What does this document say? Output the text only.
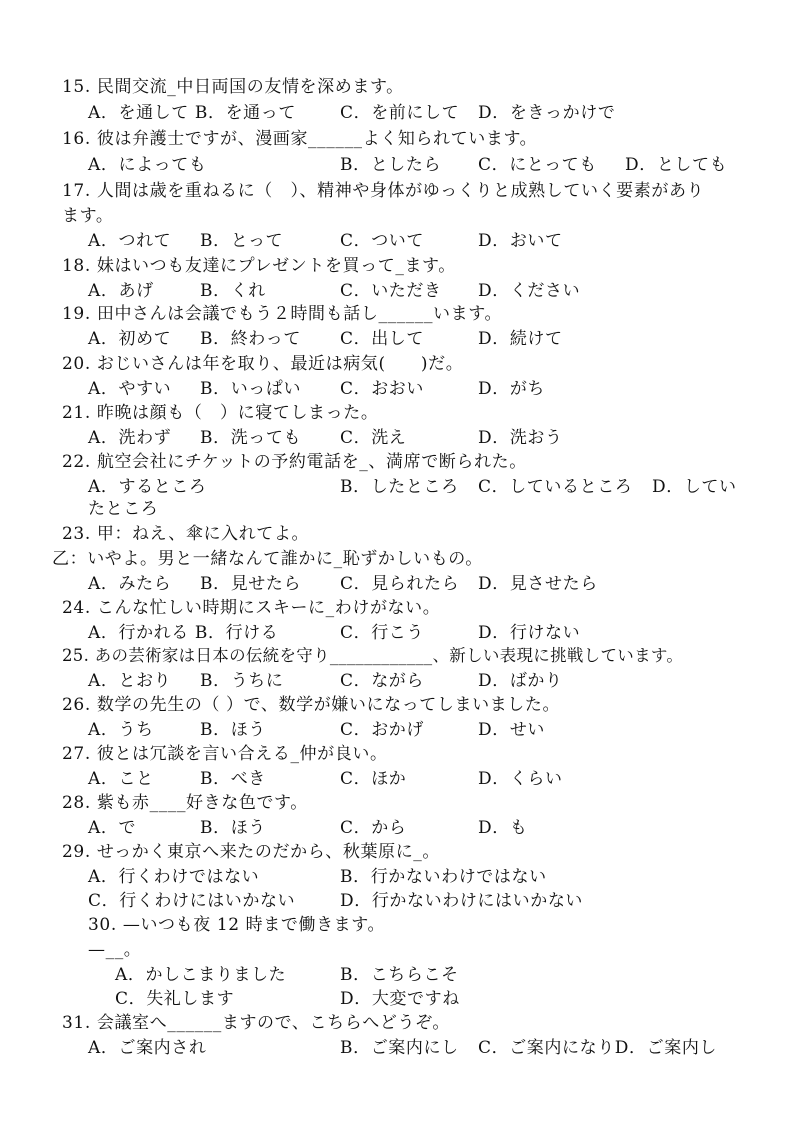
15. 民間交流_中日両国の友情を深めます。
A．を通して B．を通って	C．を前にして D．をきっかけで
16. 彼は弁護士ですが、漫画家______よく知られています。
A．によっても	B．としたら C．にとっても D．としても
17. 人間は歳を重ねるに（　）、精神や身体がゆっくりと成熟していく要素があり
ます。
A．つれて B．とって	C．ついて	D．おいて
18. 妹はいつも友達にプレゼントを買って_ます。
A．あげ	B．くれ	C．いただき D．ください
19. 田中さんは会議でもう２時間も話し______います。
A．初めて B．終わって C．出して	D．続けて
20. おじいさんは年を取り、最近は病気(　　)だ。
A．やすい B．いっぱい C．おおい	D．がち
21. 昨晩は顔も（　）に寝てしまった。
A．洗わず B．洗っても C．洗え	D．洗おう
22. 航空会社にチケットの予約電話を_、満席で断られた。
A．するところ	B．したところ C．しているところ D．してい
たところ
23. 甲：ねえ、傘に入れてよ。
乙：いやよ。男と一緒なんて誰かに_恥ずかしいもの。
A．みたら B．見せたら C．見られたら D．見させたら
24. こんな忙しい時期にスキーに_わけがない。
A．行かれる B．行ける	C．行こう	D．行けない
25. あの芸術家は日本の伝統を守り____________、新しい表現に挑戦しています。
A．とおり B．うちに	C．ながら	D．ばかり
26. 数学の先生の（ ）で、数学が嫌いになってしまいました。
A．うち	B．ほう	C．おかげ	D．せい
27. 彼とは冗談を言い合える_仲が良い。
A．こと	B．べき	C．ほか	D．くらい
28. 紫も赤____好きな色です。
A．で	B．ほう	C．から	D．も
29. せっかく東京へ来たのだから、秋葉原に_。
A．行くわけではない	B．行かないわけではない
C．行くわけにはいかない	D．行かないわけにはいかない
30. —いつも夜 12 時まで働きます。
—__。
A．かしこまりました	B．こちらこそ
C．失礼します	D．大変ですね
31. 会議室へ______ますので、こちらへどうぞ。
A．ご案内され	B．ご案内にし C．ご案内になりD．ご案内し
